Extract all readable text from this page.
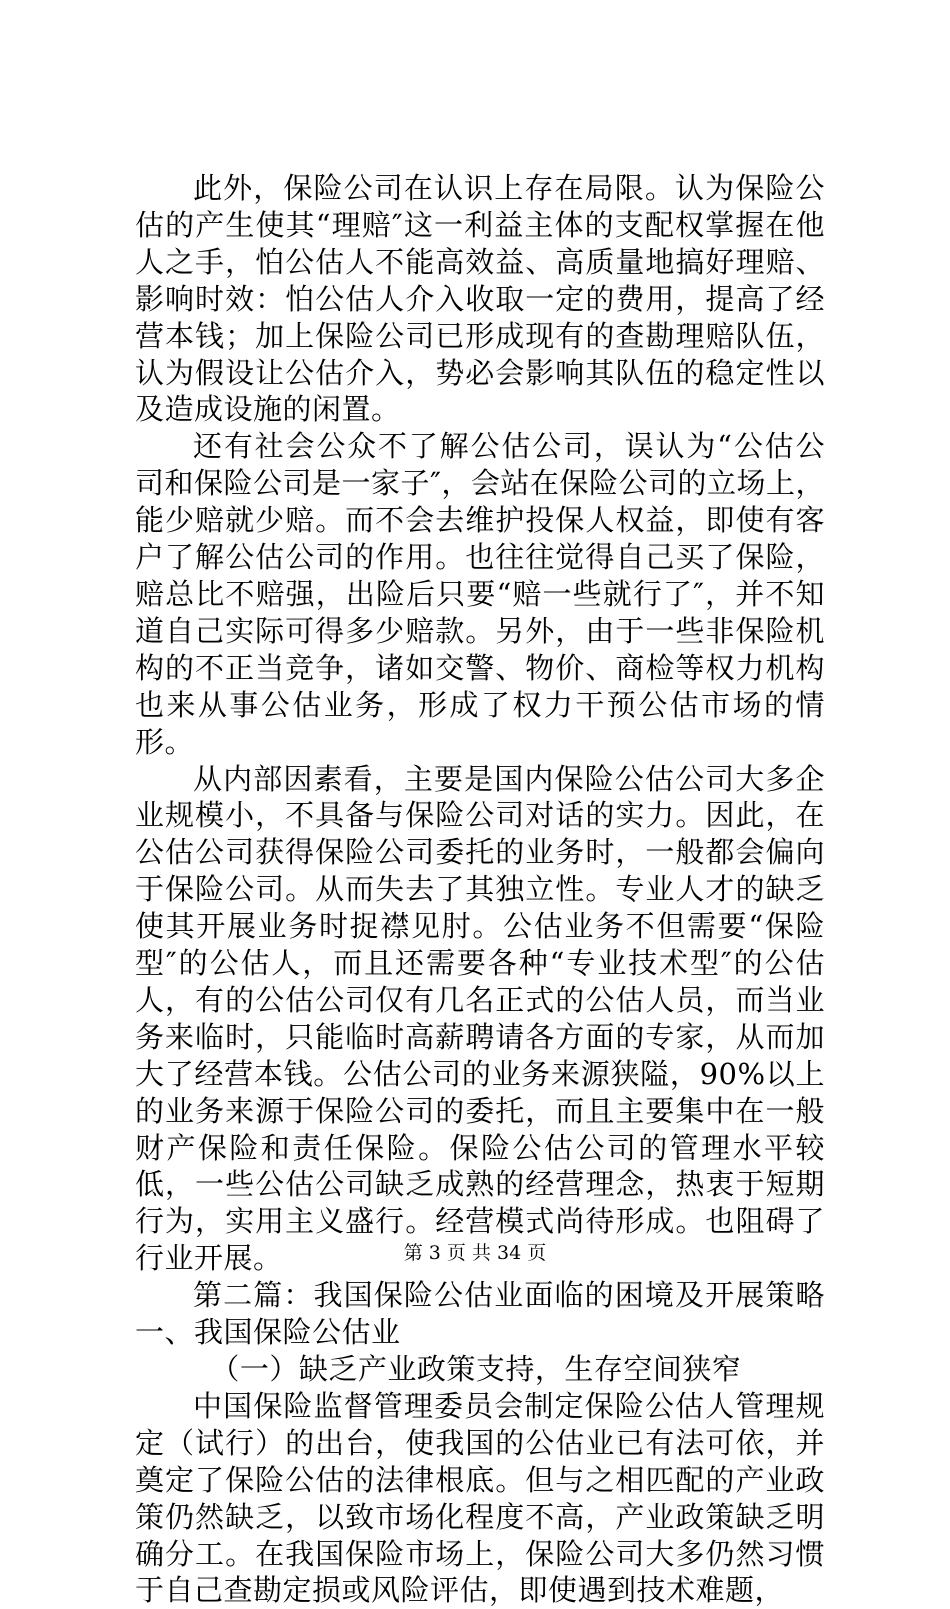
此外，保险公司在认识上存在局限。认为保险公估的产生使其“理赔″这一利益主体的支配权掌握在他人之手，怕公估人不能高效益、高质量地搞好理赔、影响时效：怕公估人介入收取一定的费用，提高了经营本钱；加上保险公司已形成现有的查勘理赔队伍，认为假设让公估介入，势必会影响其队伍的稳定性以及造成设施的闲置。

还有社会公众不了解公估公司，误认为“公估公司和保险公司是一家子″，会站在保险公司的立场上，能少赔就少赔。而不会去维护投保人权益，即使有客户了解公估公司的作用。也往往觉得自己买了保险，赔总比不赔强，出险后只要“赔一些就行了″，并不知道自己实际可得多少赔款。另外，由于一些非保险机构的不正当竞争，诸如交警、物价、商检等权力机构也来从事公估业务，形成了权力干预公估市场的情形。

从内部因素看，主要是国内保险公估公司大多企业规模小，不具备与保险公司对话的实力。因此，在公估公司获得保险公司委托的业务时，一般都会偏向于保险公司。从而失去了其独立性。专业人才的缺乏使其开展业务时捉襟见肘。公估业务不但需要“保险型″的公估人，而且还需要各种“专业技术型″的公估人，有的公估公司仅有几名正式的公估人员，而当业务来临时，只能临时高薪聘请各方面的专家，从而加大了经营本钱。公估公司的业务来源狭隘，90%以上的业务来源于保险公司的委托，而且主要集中在一般财产保险和责任保险。保险公估公司的管理水平较低，一些公估公司缺乏成熟的经营理念，热衷于短期行为，实用主义盛行。经营模式尚待形成。也阻碍了行业开展。

第二篇：我国保险公估业面临的困境及开展策略一、我国保险公估业

（一）缺乏产业政策支持，生存空间狭窄

中国保险监督管理委员会制定保险公估人管理规定（试行）的出台，使我国的公估业已有法可依，并奠定了保险公估的法律根底。但与之相匹配的产业政策仍然缺乏，以致市场化程度不高，产业政策缺乏明确分工。在我国保险市场上，保险公司大多仍然习惯于自己查勘定损或风险评估，即使遇到技术难题，

第 3 页 共 34 页
